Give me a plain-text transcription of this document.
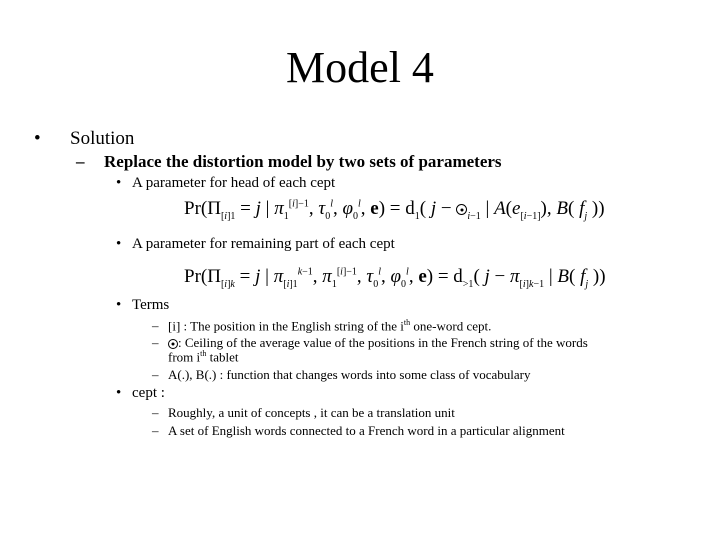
Model 4
• Solution
– Replace the distortion model by two sets of parameters
• A parameter for head of each cept
$Pr(\Pi_{[i]1} = j$ | $\pi_1^{[i]-1}$, $\tau_0^l$, $\varphi_0^l$, $e) = d_1$( j − $_{i-1}$ | $A(e_{[i-1]})$, B( $f_j$ ))
• A parameter for remaining part of each cept
$Pr(\Pi_{[i]k} = j$ | $\pi_{[i]1}^{k-1}$, $\pi_1^{[i]-1}$, $\tau_0^l$, $\varphi_0^l$, $e) = d_{>1}$( $j - \pi_{[i]k-1}$ | B( $f_j$ ))
• Terms
– [i] : The position in the English string of the $i^{th}$ one-word cept.
– : Ceiling of the average value of the positions in the French string of the words
from $i^{th}$ tablet
– A(.), B(.) : function that changes words into some class of vocabulary
• cept :
– Roughly, a unit of concepts , it can be a translation unit
– A set of English words connected to a French word in a particular alignment
